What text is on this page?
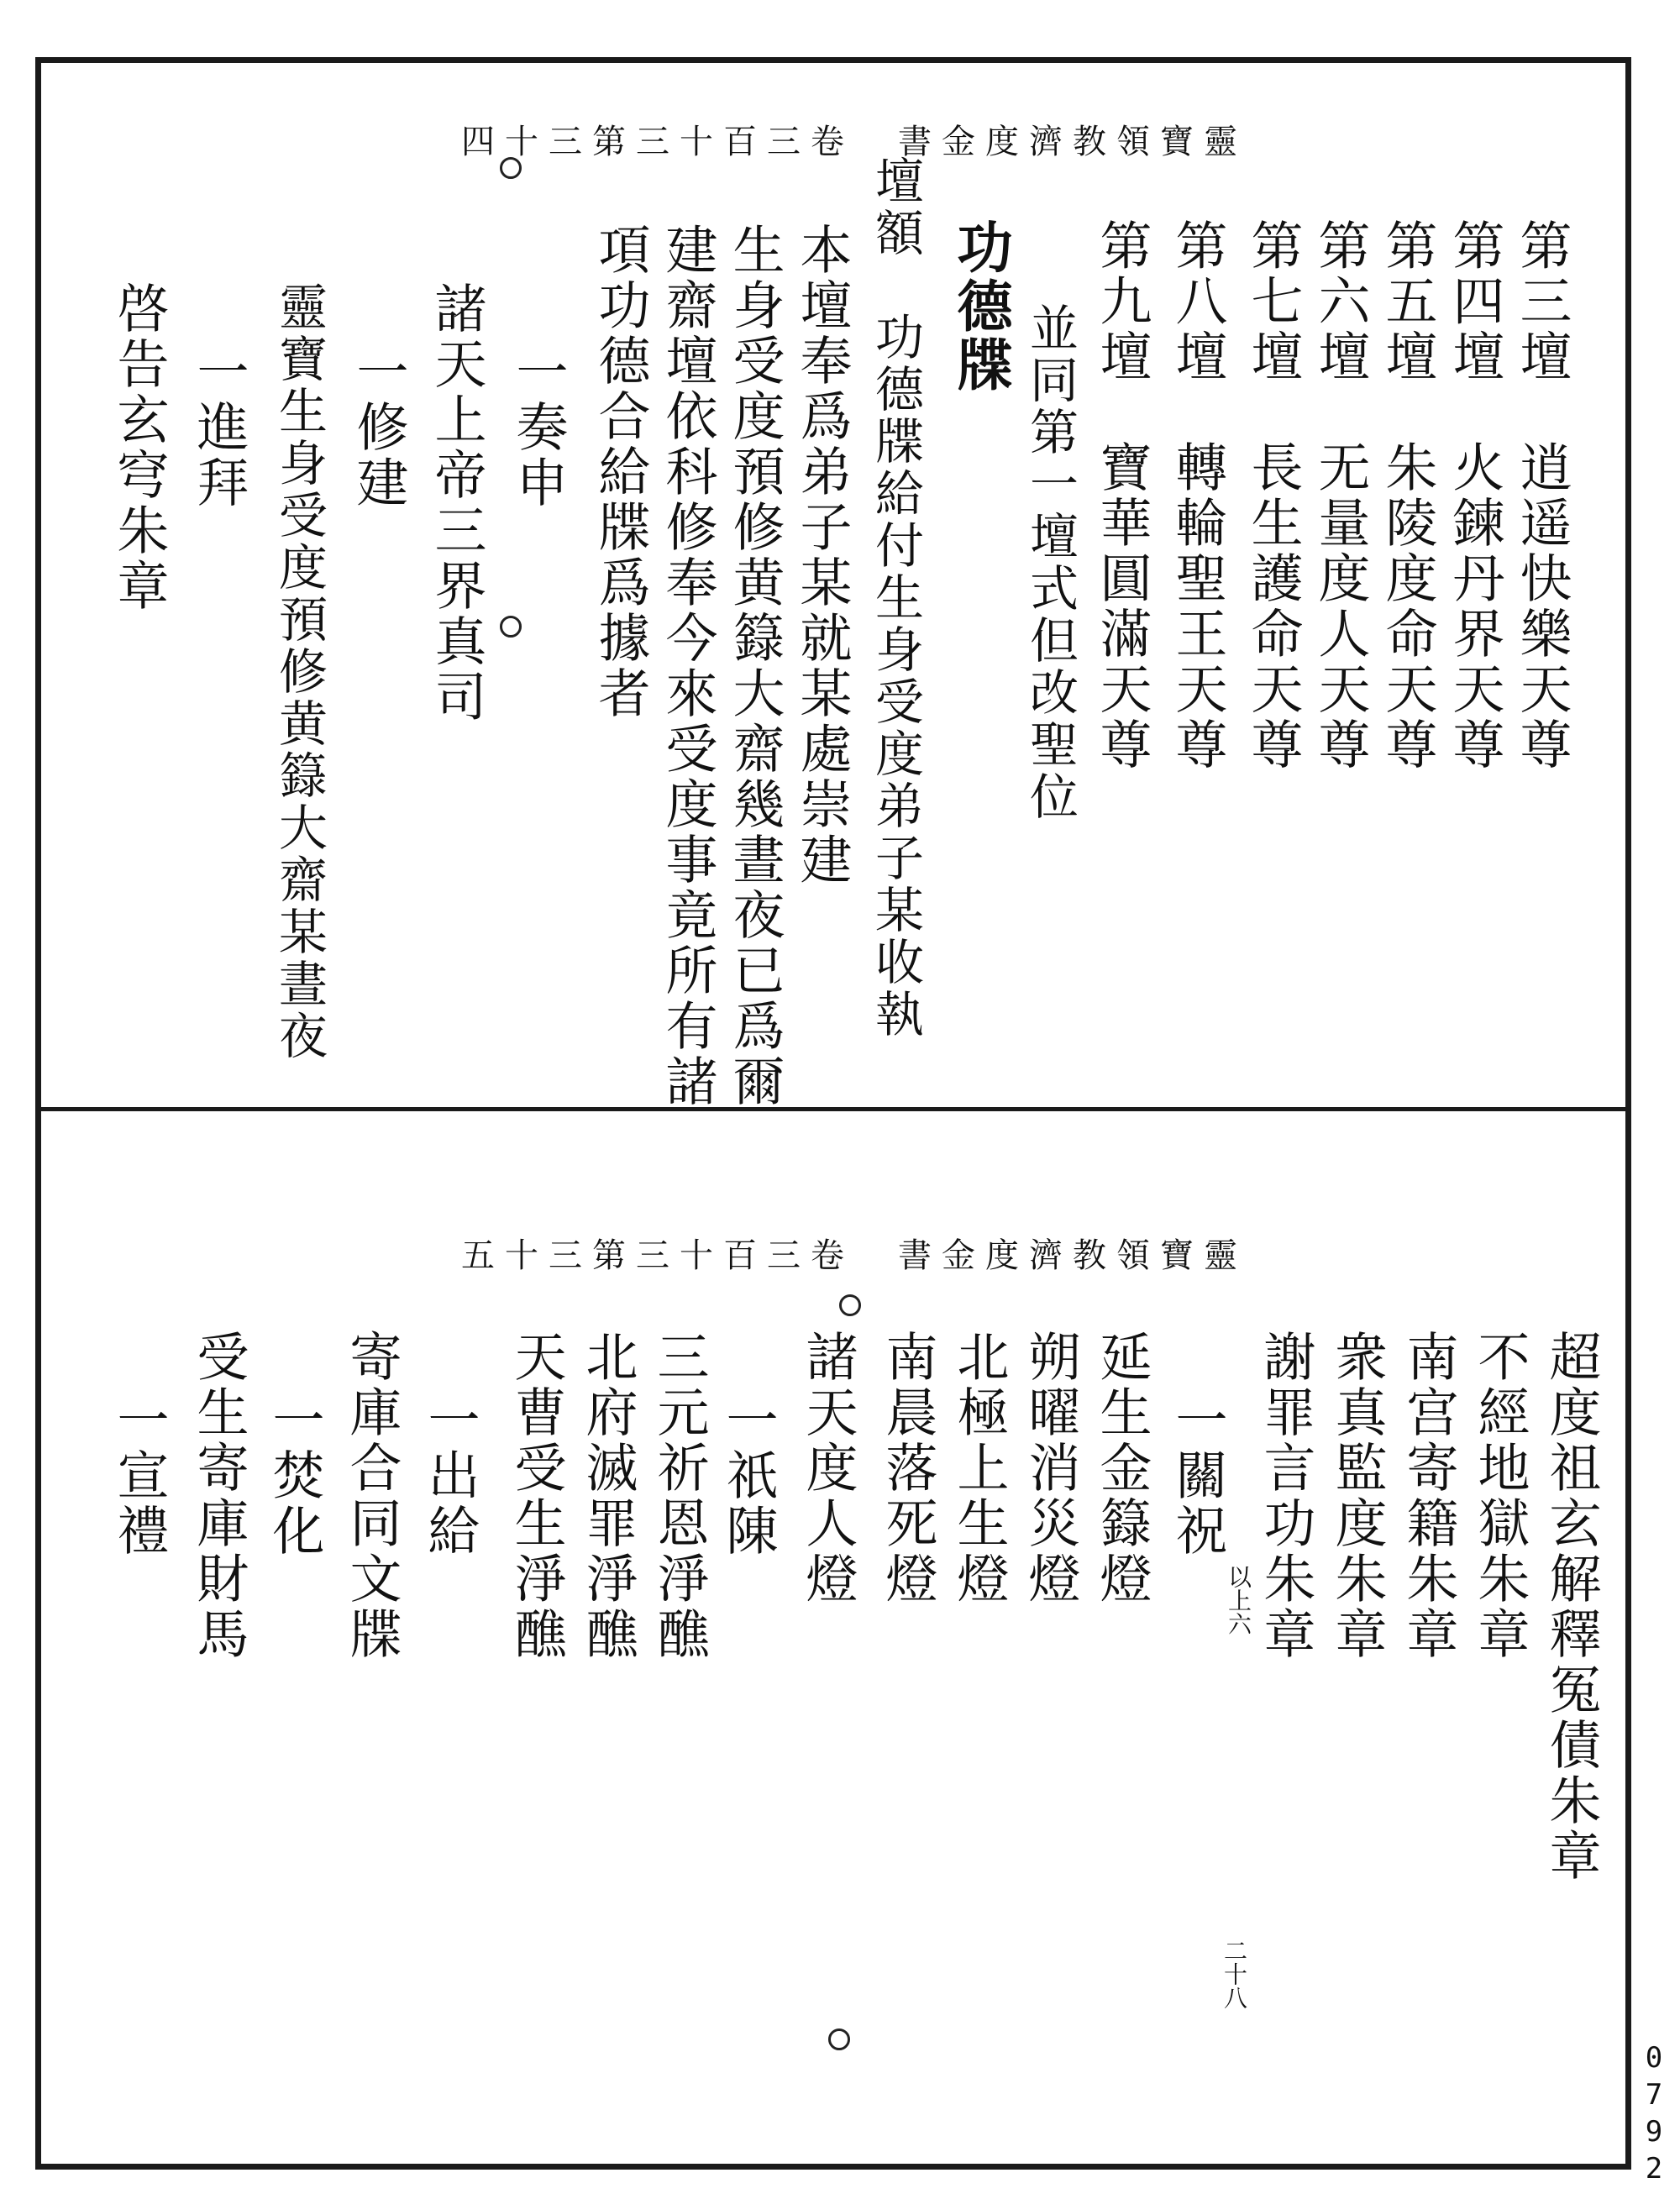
四十三第三十百三卷　書金度濟教領寶靈
第三壇　逍遥快樂天尊
第四壇　火鍊丹界天尊
第五壇　朱陵度命天尊
第六壇　无量度人天尊
第七壇　長生護命天尊
第八壇　轉輪聖王天尊
第九壇　寶華圓滿天尊
並同第一壇式但改聖位
功德牒
壇額　功德牒給付生身受度弟子某收執
本壇奉爲弟子某就某處崇建
生身受度預修黄籙大齋幾晝夜已爲爾
建齋壇依科修奉今來受度事竟所有諸
項功德合給牒爲據者
一奏申
諸天上帝三界真司
一修建
靈寶生身受度預修黄籙大齋某晝夜
一進拜
啓告玄穹朱章
五十三第三十百三卷　書金度濟教領寶靈
超度祖玄解釋冤債朱章
不經地獄朱章
南宫寄籍朱章
衆真監度朱章
謝罪言功朱章
以上六
一關祝
延生金籙燈
朔曜消災燈
北極上生燈
南晨落死燈
諸天度人燈
一祇陳
三元祈恩淨醮
北府滅罪淨醮
天曹受生淨醮
一出給
寄庫合同文牒
一焚化
受生寄庫財馬
一宣禮
二十八
0792
